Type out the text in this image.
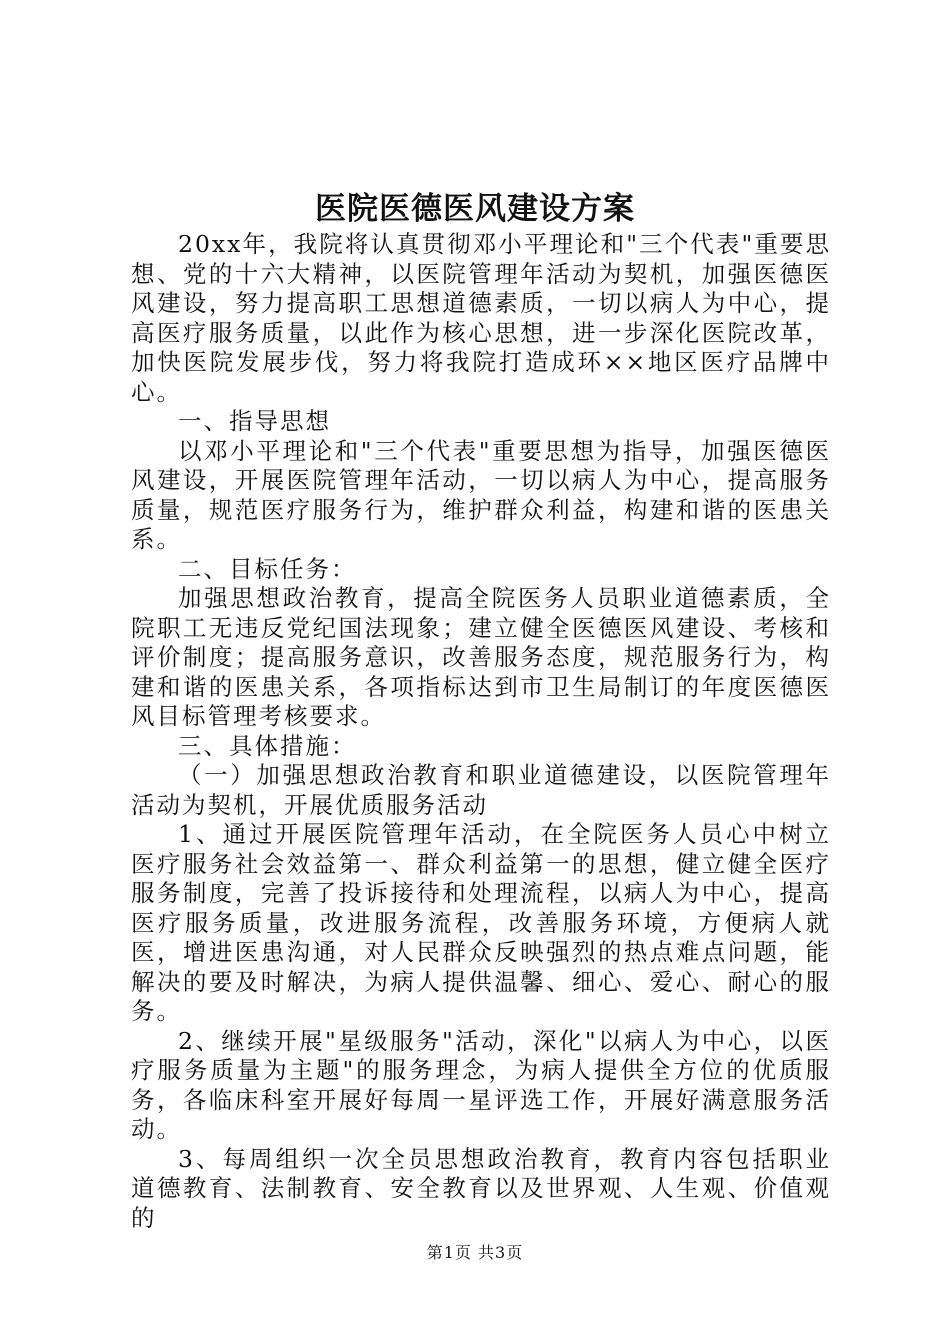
医院医德医风建设方案

20xx年，我院将认真贯彻邓小平理论和"三个代表"重要思想、党的十六大精神，以医院管理年活动为契机，加强医德医风建设，努力提高职工思想道德素质，一切以病人为中心，提高医疗服务质量，以此作为核心思想，进一步深化医院改革，加快医院发展步伐，努力将我院打造成环××地区医疗品牌中心。

一、指导思想

以邓小平理论和"三个代表"重要思想为指导，加强医德医风建设，开展医院管理年活动，一切以病人为中心，提高服务质量，规范医疗服务行为，维护群众利益，构建和谐的医患关系。

二、目标任务：

加强思想政治教育，提高全院医务人员职业道德素质，全院职工无违反党纪国法现象；建立健全医德医风建设、考核和评价制度；提高服务意识，改善服务态度，规范服务行为，构建和谐的医患关系，各项指标达到市卫生局制订的年度医德医风目标管理考核要求。

三、具体措施：

（一）加强思想政治教育和职业道德建设，以医院管理年活动为契机，开展优质服务活动

1、通过开展医院管理年活动，在全院医务人员心中树立医疗服务社会效益第一、群众利益第一的思想，健立健全医疗服务制度，完善了投诉接待和处理流程，以病人为中心，提高医疗服务质量，改进服务流程，改善服务环境，方便病人就医，增进医患沟通，对人民群众反映强烈的热点难点问题，能解决的要及时解决，为病人提供温馨、细心、爱心、耐心的服务。

2、继续开展"星级服务"活动，深化"以病人为中心，以医疗服务质量为主题"的服务理念，为病人提供全方位的优质服务，各临床科室开展好每周一星评选工作，开展好满意服务活动。

3、每周组织一次全员思想政治教育，教育内容包括职业道德教育、法制教育、安全教育以及世界观、人生观、价值观的

第1页 共3页
